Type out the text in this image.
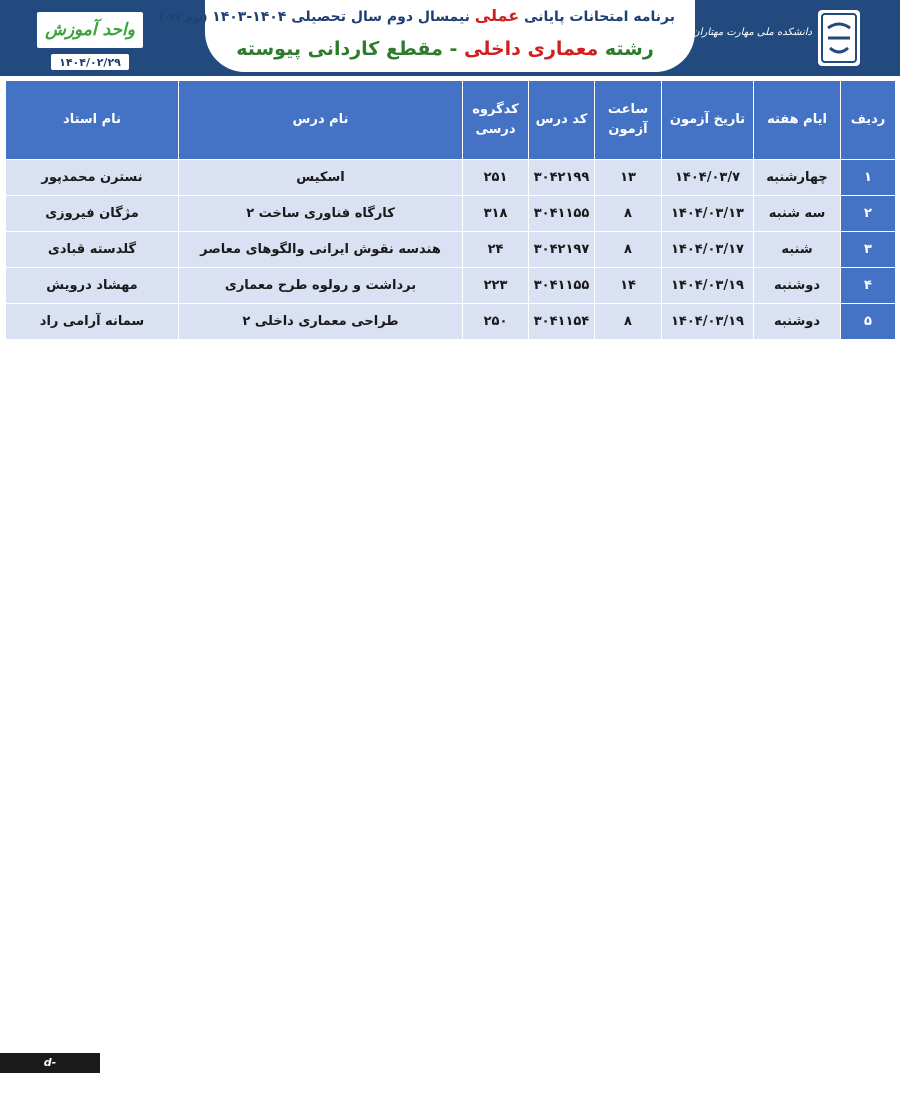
برنامه امتحانات پایانی عملی نیمسال دوم سال تحصیلی ۱۴۰۴-۱۴۰۳ (ترم ۰۳۲)
رشته معماری داخلی - مقطع کاردانی پیوسته
واحد آموزش
۱۴۰۴/۰۲/۲۹
دانشکده ملی مهارت مهتاران بابل
ردیف	ایام هفته	تاریخ آزمون	ساعت آزمون	کد درس	کدگروه درسی	نام درس	نام استاد
۱	چهارشنبه	۱۴۰۴/۰۳/۷	۱۳	۳۰۴۲۱۹۹	۲۵۱	اسکیس	نسترن محمدپور
۲	سه شنبه	۱۴۰۴/۰۳/۱۳	۸	۳۰۴۱۱۵۵	۳۱۸	کارگاه فناوری ساخت ۲	مژگان فیروزی
۳	شنبه	۱۴۰۴/۰۳/۱۷	۸	۳۰۴۲۱۹۷	۲۴	هندسه نقوش ایرانی والگوهای معاصر	گلدسته قبادی
۴	دوشنبه	۱۴۰۴/۰۳/۱۹	۱۴	۳۰۴۱۱۵۵	۲۲۳	برداشت و رولوه طرح معماری	مهشاد درویش
۵	دوشنبه	۱۴۰۴/۰۳/۱۹	۸	۳۰۴۱۱۵۴	۲۵۰	طراحی معماری داخلی ۲	سمانه آرامی راد
d-babol.nus.ac.ir
